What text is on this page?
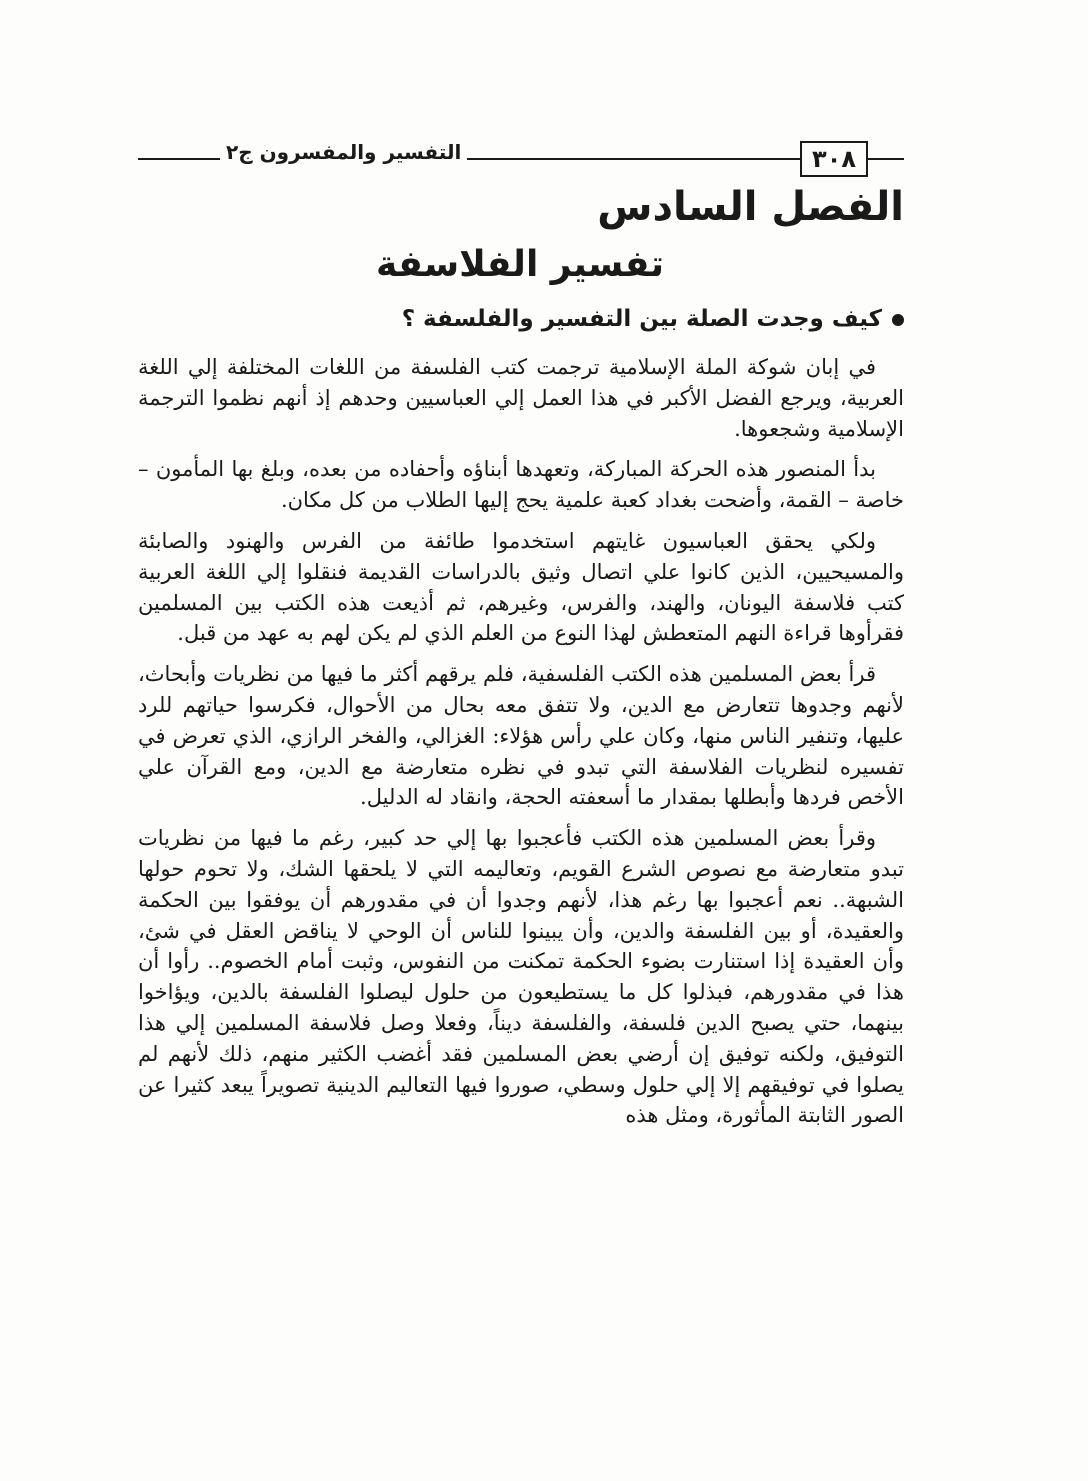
٣٠٨
التفسير والمفسرون ج٢
الفصل السادس
تفسير الفلاسفة
كيف وجدت الصلة بين التفسير والفلسفة ؟

في إبان شوكة الملة الإسلامية ترجمت كتب الفلسفة من اللغات المختلفة إلي اللغة العربية، ويرجع الفضل الأكبر في هذا العمل إلي العباسيين وحدهم إذ أنهم نظموا الترجمة الإسلامية وشجعوها.

بدأ المنصور هذه الحركة المباركة، وتعهدها أبناؤه وأحفاده من بعده، وبلغ بها المأمون – خاصة – القمة، وأضحت بغداد كعبة علمية يحج إليها الطلاب من كل مكان.

ولكي يحقق العباسيون غايتهم استخدموا طائفة من الفرس والهنود والصابئة والمسيحيين، الذين كانوا علي اتصال وثيق بالدراسات القديمة فنقلوا إلي اللغة العربية كتب فلاسفة اليونان، والهند، والفرس، وغيرهم، ثم أذيعت هذه الكتب بين المسلمين فقرأوها قراءة النهم المتعطش لهذا النوع من العلم الذي لم يكن لهم به عهد من قبل.

قرأ بعض المسلمين هذه الكتب الفلسفية، فلم يرقهم أكثر ما فيها من نظريات وأبحاث، لأنهم وجدوها تتعارض مع الدين، ولا تتفق معه بحال من الأحوال، فكرسوا حياتهم للرد عليها، وتنفير الناس منها، وكان علي رأس هؤلاء: الغزالي، والفخر الرازي، الذي تعرض في تفسيره لنظريات الفلاسفة التي تبدو في نظره متعارضة مع الدين، ومع القرآن علي الأخص فردها وأبطلها بمقدار ما أسعفته الحجة، وانقاد له الدليل.

وقرأ بعض المسلمين هذه الكتب فأعجبوا بها إلي حد كبير، رغم ما فيها من نظريات تبدو متعارضة مع نصوص الشرع القويم، وتعاليمه التي لا يلحقها الشك، ولا تحوم حولها الشبهة.. نعم أعجبوا بها رغم هذا، لأنهم وجدوا أن في مقدورهم أن يوفقوا بين الحكمة والعقيدة، أو بين الفلسفة والدين، وأن يبينوا للناس أن الوحي لا يناقض العقل في شئ، وأن العقيدة إذا استنارت بضوء الحكمة تمكنت من النفوس، وثبت أمام الخصوم.. رأوا أن هذا في مقدورهم، فبذلوا كل ما يستطيعون من حلول ليصلوا الفلسفة بالدين، ويؤاخوا بينهما، حتي يصبح الدين فلسفة، والفلسفة ديناً، وفعلا وصل فلاسفة المسلمين إلي هذا التوفيق، ولكنه توفيق إن أرضي بعض المسلمين فقد أغضب الكثير منهم، ذلك لأنهم لم يصلوا في توفيقهم إلا إلي حلول وسطي، صوروا فيها التعاليم الدينية تصويراً يبعد كثيرا عن الصور الثابتة المأثورة، ومثل هذه
